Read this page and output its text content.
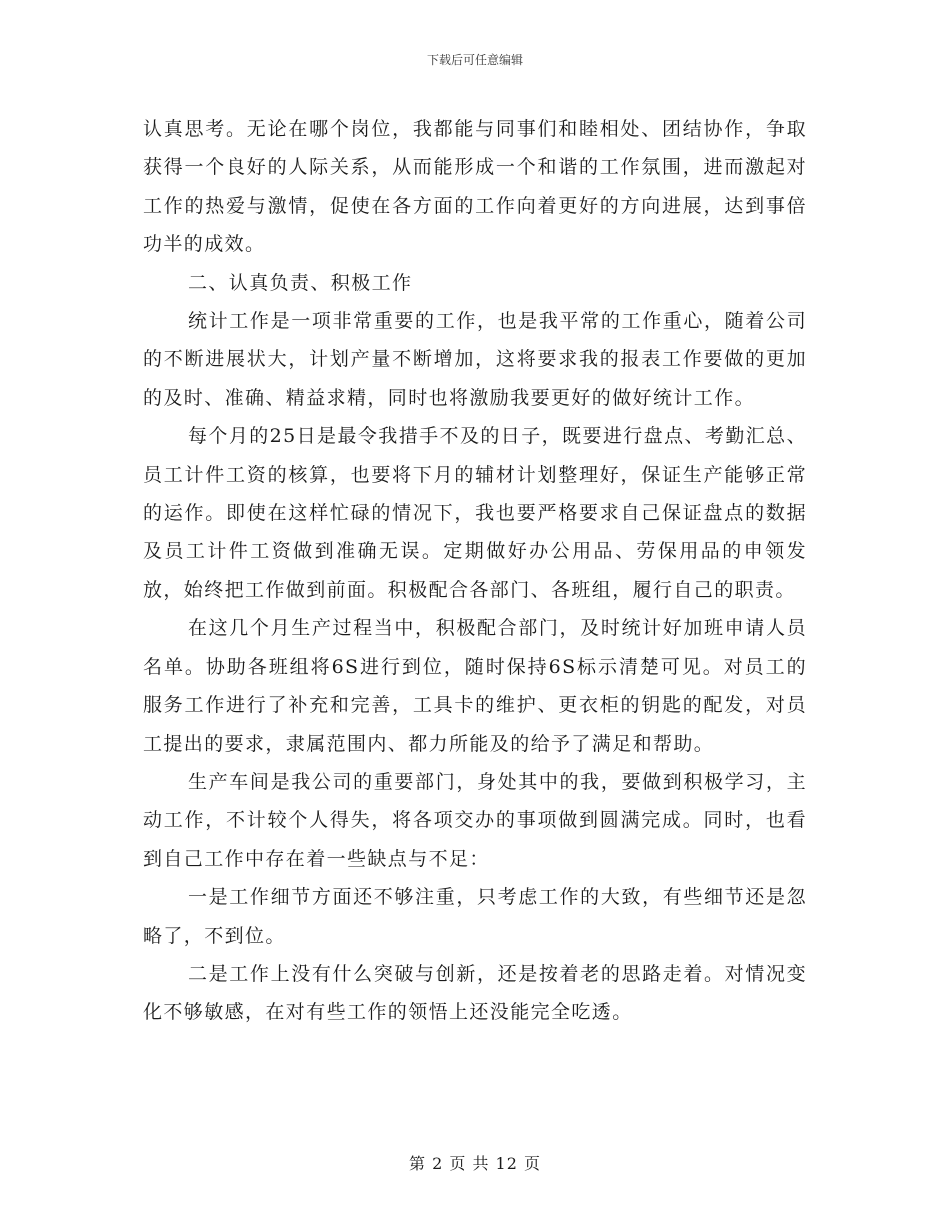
下载后可任意编辑

认真思考。无论在哪个岗位，我都能与同事们和睦相处、团结协作，争取获得一个良好的人际关系，从而能形成一个和谐的工作氛围，进而激起对工作的热爱与激情，促使在各方面的工作向着更好的方向进展，达到事倍功半的成效。

二、认真负责、积极工作

统计工作是一项非常重要的工作，也是我平常的工作重心，随着公司的不断进展状大，计划产量不断增加，这将要求我的报表工作要做的更加的及时、准确、精益求精，同时也将激励我要更好的做好统计工作。

每个月的25日是最令我措手不及的日子，既要进行盘点、考勤汇总、员工计件工资的核算，也要将下月的辅材计划整理好，保证生产能够正常的运作。即使在这样忙碌的情况下，我也要严格要求自己保证盘点的数据及员工计件工资做到准确无误。定期做好办公用品、劳保用品的申领发放，始终把工作做到前面。积极配合各部门、各班组，履行自己的职责。

在这几个月生产过程当中，积极配合部门，及时统计好加班申请人员名单。协助各班组将6S进行到位，随时保持6S标示清楚可见。对员工的服务工作进行了补充和完善，工具卡的维护、更衣柜的钥匙的配发，对员工提出的要求，隶属范围内、都力所能及的给予了满足和帮助。

生产车间是我公司的重要部门，身处其中的我，要做到积极学习，主动工作，不计较个人得失，将各项交办的事项做到圆满完成。同时，也看到自己工作中存在着一些缺点与不足：

一是工作细节方面还不够注重，只考虑工作的大致，有些细节还是忽略了，不到位。

二是工作上没有什么突破与创新，还是按着老的思路走着。对情况变化不够敏感，在对有些工作的领悟上还没能完全吃透。

第 2 页 共 12 页
